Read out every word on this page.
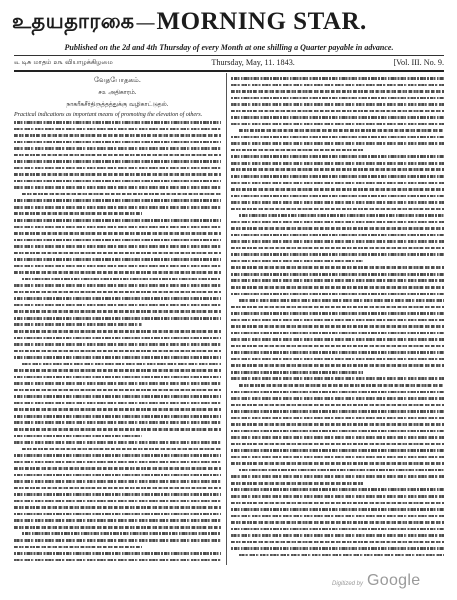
உதயதாரகை — MORNING STAR.
Published on the 2d and 4th Thursday of every Month at one shilling a Quarter payable in advance.
௳ டிசு மாதம் ௨௩ வியாழக்கிழமை	Thursday, May, 11. 1843.	[Vol. III. No. 9.
வேதபோதகம்.
௪௨ அதிகாரம்.
நாகரீகசீர்திருத்தத்துக்கு வழிகாட்டுதல்.
Practical indications as important means of promoting the elevation of others.
Digitized by Google
